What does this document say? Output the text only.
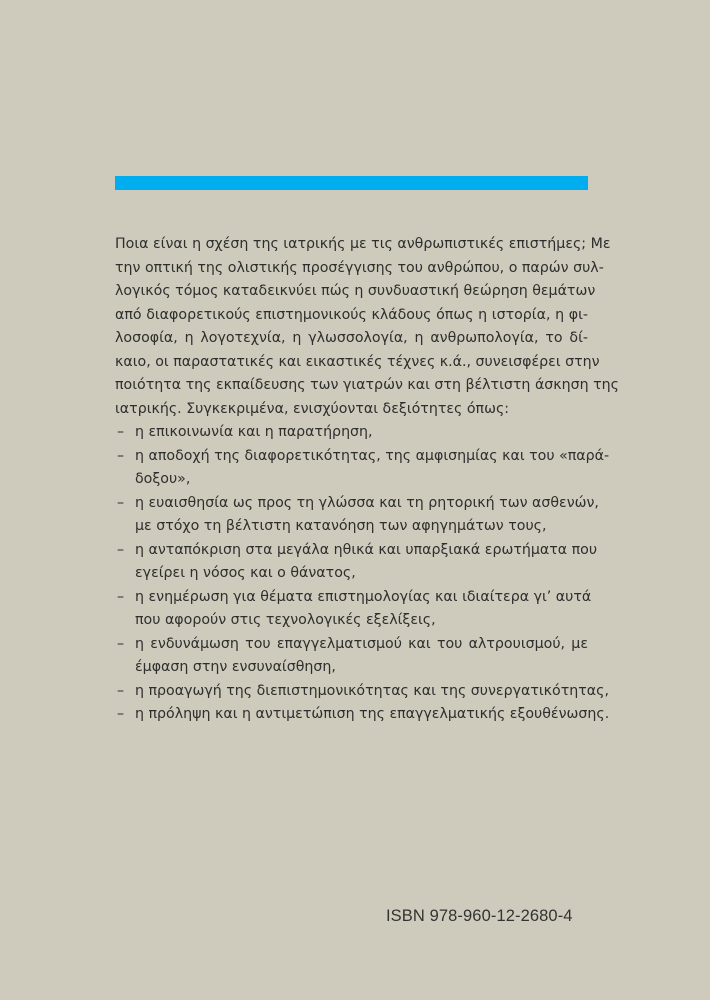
Ποια είναι η σχέση της ιατρικής με τις ανθρωπιστικές επιστήμες; Με
την οπτική της ολιστικής προσέγγισης του ανθρώπου, ο παρών συλ-
λογικός τόμος καταδεικνύει πώς η συνδυαστική θεώρηση θεμάτων
από διαφορετικούς επιστημονικούς κλάδους όπως η ιστορία, η φι-
λοσοφία, η λογοτεχνία, η γλωσσολογία, η ανθρωπολογία, το δί-
καιο, οι παραστατικές και εικαστικές τέχνες κ.ά., συνεισφέρει στην
ποιότητα της εκπαίδευσης των γιατρών και στη βέλτιστη άσκηση της
ιατρικής. Συγκεκριμένα, ενισχύονται δεξιότητες όπως:
– η επικοινωνία και η παρατήρηση,
– η αποδοχή της διαφορετικότητας, της αμφισημίας και του «παρά-
δοξου»,
– η ευαισθησία ως προς τη γλώσσα και τη ρητορική των ασθενών,
με στόχο τη βέλτιστη κατανόηση των αφηγημάτων τους,
– η ανταπόκριση στα μεγάλα ηθικά και υπαρξιακά ερωτήματα που
εγείρει η νόσος και ο θάνατος,
– η ενημέρωση για θέματα επιστημολογίας και ιδιαίτερα γι’ αυτά
που αφορούν στις τεχνολογικές εξελίξεις,
– η ενδυνάμωση του επαγγελματισμού και του αλτρουισμού, με
έμφαση στην ενσυναίσθηση,
– η προαγωγή της διεπιστημονικότητας και της συνεργατικότητας,
– η πρόληψη και η αντιμετώπιση της επαγγελματικής εξουθένωσης.
ISBN 978-960-12-2680-4
